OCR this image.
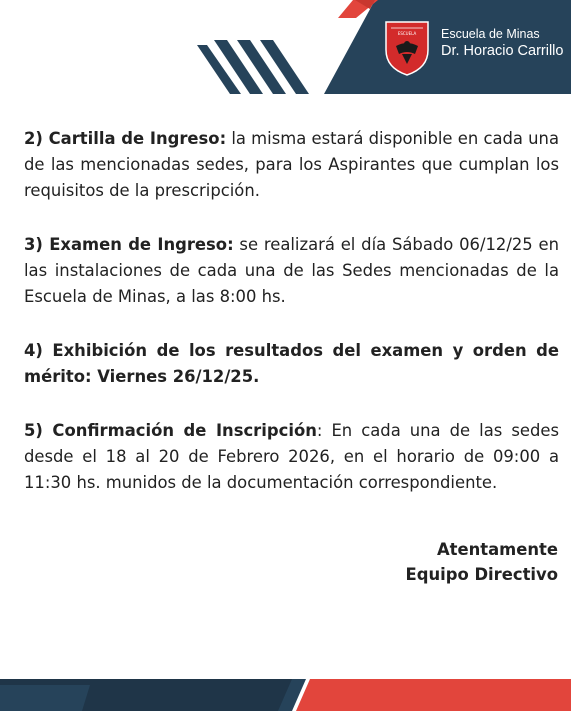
ESCUELA Escuela de Minas
Dr. Horacio Carrillo

2) Cartilla de Ingreso: la misma estará disponible en cada una de las mencionadas sedes, para los Aspirantes que cumplan los requisitos de la prescripción.

3) Examen de Ingreso: se realizará el día Sábado 06/12/25 en las instalaciones de cada una de las Sedes mencionadas de la Escuela de Minas, a las 8:00 hs.

4) Exhibición de los resultados del examen y orden de mérito: Viernes 26/12/25.

5) Confirmación de Inscripción: En cada una de las sedes desde el 18 al 20 de Febrero 2026, en el horario de 09:00 a 11:30 hs. munidos de la documentación correspondiente.

Atentamente
Equipo Directivo
